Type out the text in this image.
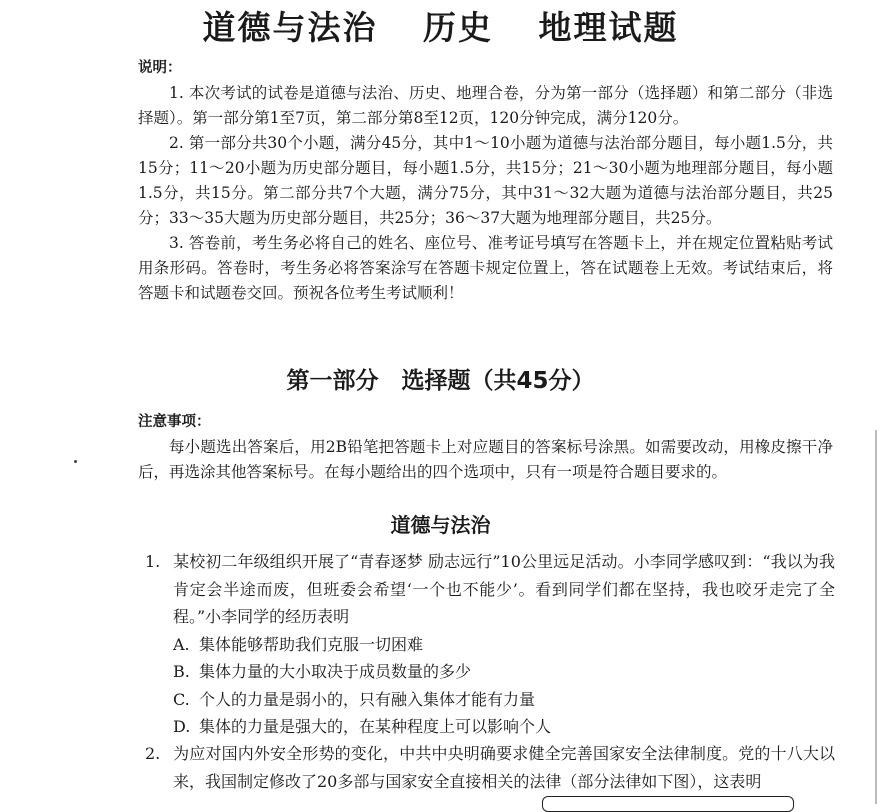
道德与法治 历史 地理试题
说明：

1. 本次考试的试卷是道德与法治、历史、地理合卷，分为第一部分（选择题）和第二部分（非选择题）。第一部分第1至7页，第二部分第8至12页，120分钟完成，满分120分。

2. 第一部分共30个小题，满分45分，其中1～10小题为道德与法治部分题目，每小题1.5分，共15分；11～20小题为历史部分题目，每小题1.5分，共15分；21～30小题为地理部分题目，每小题1.5分，共15分。第二部分共7个大题，满分75分，其中31～32大题为道德与法治部分题目，共25分；33～35大题为历史部分题目，共25分；36～37大题为地理部分题目，共25分。

3. 答卷前，考生务必将自己的姓名、座位号、准考证号填写在答题卡上，并在规定位置粘贴考试用条形码。答卷时，考生务必将答案涂写在答题卡规定位置上，答在试题卷上无效。考试结束后，将答题卡和试题卷交回。预祝各位考生考试顺利！

第一部分　选择题（共45分）
注意事项：

每小题选出答案后，用2B铅笔把答题卡上对应题目的答案标号涂黑。如需要改动，用橡皮擦干净后，再选涂其他答案标号。在每小题给出的四个选项中，只有一项是符合题目要求的。

道德与法治

1. 某校初二年级组织开展了“青春逐梦 励志远行”10公里远足活动。小李同学感叹到：“我以为我肯定会半途而废，但班委会希望‘一个也不能少’。看到同学们都在坚持，我也咬牙走完了全程。”小李同学的经历表明

A. 集体能够帮助我们克服一切困难

B. 集体力量的大小取决于成员数量的多少

C. 个人的力量是弱小的，只有融入集体才能有力量

D. 集体的力量是强大的，在某种程度上可以影响个人

2. 为应对国内外安全形势的变化，中共中央明确要求健全完善国家安全法律制度。党的十八大以来，我国制定修改了20多部与国家安全直接相关的法律（部分法律如下图），这表明
